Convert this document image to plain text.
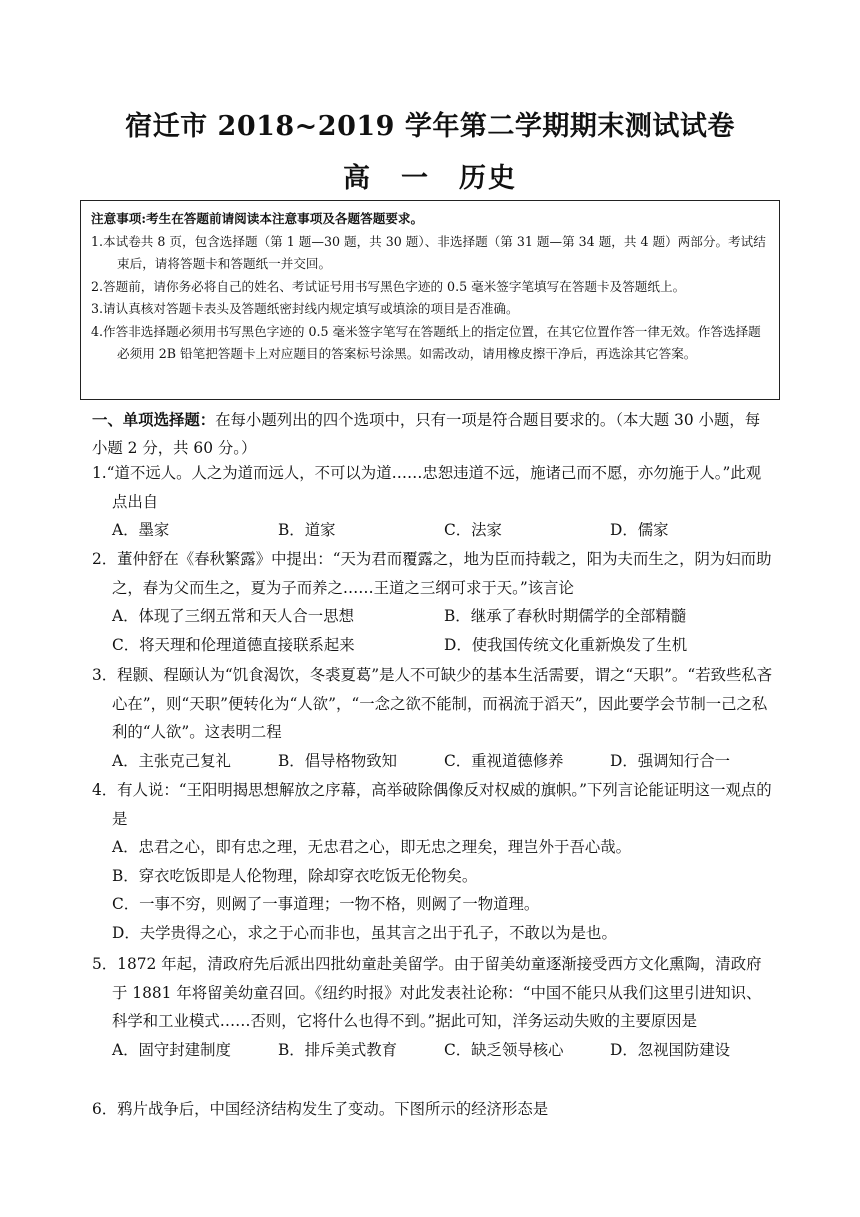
宿迁市 2018~2019 学年第二学期期末测试试卷
高　一　历史
注意事项:考生在答题前请阅读本注意事项及各题答题要求。
1.本试卷共 8 页，包含选择题（第 1 题—30 题，共 30 题）、非选择题（第 31 题—第 34 题，共 4 题）两部分。考试结束后，请将答题卡和答题纸一并交回。
2.答题前，请你务必将自己的姓名、考试证号用书写黑色字迹的 0.5 毫米签字笔填写在答题卡及答题纸上。
3.请认真核对答题卡表头及答题纸密封线内规定填写或填涂的项目是否准确。
4.作答非选择题必须用书写黑色字迹的 0.5 毫米签字笔写在答题纸上的指定位置，在其它位置作答一律无效。作答选择题必须用 2B 铅笔把答题卡上对应题目的答案标号涂黑。如需改动，请用橡皮擦干净后，再选涂其它答案。
一、单项选择题：在每小题列出的四个选项中，只有一项是符合题目要求的。（本大题 30 小题，每小题 2 分，共 60 分。）
1.“道不远人。人之为道而远人，不可以为道……忠恕违道不远，施诸己而不愿，亦勿施于人。”此观点出自
A．墨家	B．道家	C．法家	D．儒家
2．董仲舒在《春秋繁露》中提出：“天为君而覆露之，地为臣而持载之，阳为夫而生之，阴为妇而助之，春为父而生之，夏为子而养之……王道之三纲可求于天。”该言论
A．体现了三纲五常和天人合一思想	B．继承了春秋时期儒学的全部精髓
C．将天理和伦理道德直接联系起来	D．使我国传统文化重新焕发了生机
3．程颢、程颐认为“饥食渴饮，冬裘夏葛”是人不可缺少的基本生活需要，谓之“天职”。“若致些私吝心在”，则“天职”便转化为“人欲”，“一念之欲不能制，而祸流于滔天”，因此要学会节制一己之私利的“人欲”。这表明二程
A．主张克己复礼	B．倡导格物致知	C．重视道德修养	D．强调知行合一
4．有人说：“王阳明揭思想解放之序幕，高举破除偶像反对权威的旗帜。”下列言论能证明这一观点的是
A．忠君之心，即有忠之理，无忠君之心，即无忠之理矣，理岂外于吾心哉。
B．穿衣吃饭即是人伦物理，除却穿衣吃饭无伦物矣。
C．一事不穷，则阙了一事道理；一物不格，则阙了一物道理。
D．夫学贵得之心，求之于心而非也，虽其言之出于孔子，不敢以为是也。
5．1872 年起，清政府先后派出四批幼童赴美留学。由于留美幼童逐渐接受西方文化熏陶，清政府于 1881 年将留美幼童召回。《纽约时报》对此发表社论称：“中国不能只从我们这里引进知识、科学和工业模式……否则，它将什么也得不到。”据此可知，洋务运动失败的主要原因是
A．固守封建制度	B．排斥美式教育	C．缺乏领导核心	D．忽视国防建设
6．鸦片战争后，中国经济结构发生了变动。下图所示的经济形态是
